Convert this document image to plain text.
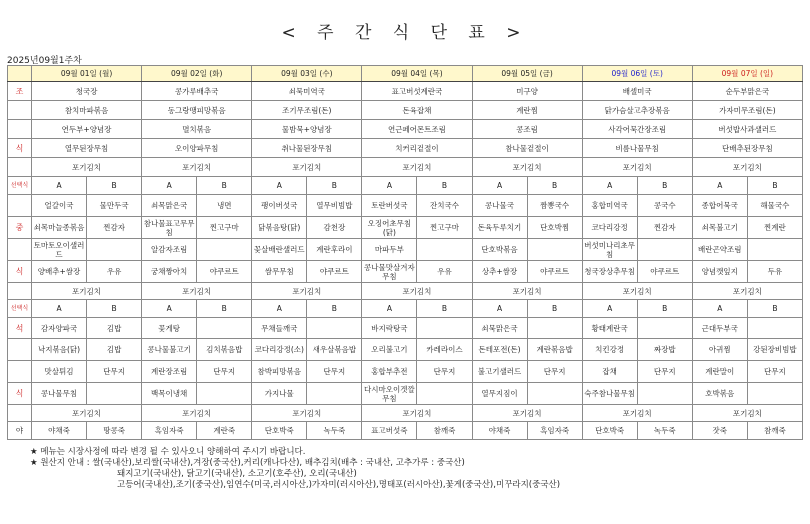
< 주 간 식 단 표 >
2025년09월1주차
	09월 01일 (월)		09월 02일 (화)		09월 03일 (수)		09월 04일 (목)		09월 05일 (금)		09월 06일 (토)		09월 07일 (일)	
조	청국장		콩가루배추국		쇠묵미역국		표고버섯계란국		미구양		배셀미국		순두부맑은국	
	참치마파볶음		동그랑땡피망볶음		조기무조림(돈)		돈육잡채		계란찜		닭가슴살고추장볶음		가자미무조림(돈)	
	연두부+양념장		멸치볶음		물밤묵+양념장		연근페어몬트조림		콩조림		사각어묵간장조림		버섯밥사과샐러드	
식	열무된장무침		오이양파무침		취나물된장무침		치커리겉절이		참나물겉절이		비름나물무침		단배추된장무침	
	포기김치		포기김치		포기김치		포기김치		포기김치		포기김치		포기김치	
선택식	A	B	A	B	A	B	A	B	A	B	A	B	A	B
	얼갈이국	물만두국	쇠목맑은국	냉면	팽이버섯국	열무비빔밥	토란버섯국	잔치국수	콩나물국	짬뽕국수	홍합미역국	콩국수	종합어묵국	해물국수
중	쇠목마늘종볶음	찐감자	참나물표고무무침	찐고구마	닭볶음탕(닭)	감천장	오징어초무침(닭)	찐고구마	돈육두루치기	단호박찜	코다리강정	찐감자	쇠목불고기	찐계란
	토마토오이샐러드		알감자조림		꽃살배란샐러드	계란후라이	마파두부		단호박볶음		버섯미나리초무침		배란곤약조림	
식	양배추+쌈장	우유	궁채짱아치	야쿠르트	쌈무무침	야쿠르트	콩나물맛살겨자무침	우유	상추+쌈장	야쿠르트	청국장상추무침	야쿠르트	양념깻잎지	두유
	포기김치		포기김치		포기김치		포기김치		포기김치		포기김치		포기김치	
선택식	A	B	A	B	A	B	A	B	A	B	A	B	A	B
석	감자양파국	김밥	꽃게탕		무채들깨국		바지락탕국		쇠묵맑은국		황태계란국		근대두부국	
	낙지볶음(닭)	김밥	콩나물불고기	김치볶음밥	코다리강정(소)	새우살볶음밥	오리불고기	카레라이스	돈테포전(돈)	계란볶음밥	치킨강정	짜장밥	아귀찜	강된장비빔밥
	맛살튀김	단무지	계란장조림	단무지	참박피망볶음	단무지	홍합부추전	단무지	불고기샐러드	단무지	잡채	단무지	계란말이	단무지
식	콩나물무침		백목이냉채		가지나물		다시마오이겟깔무침		열무지짐이		숙주참나물무침		호박볶음	
	포기김치		포기김치		포기김치		포기김치		포기김치		포기김치		포기김치	
야	야채죽	땅콩죽	흑임자죽	계란죽	단호박죽	녹두죽	표고버섯죽	참깨죽	야채죽	흑임자죽	단호박죽	녹두죽	잣죽	참깨죽
★ 메뉴는 시장사정에 따라 변경 될 수 있사오니 양해하여 주시기 바랍니다.
★ 원산지 안내 : 쌀(국내산),보리쌀(국내산),겨장(중국산),커리(캐나다산), 배추김치(배추 : 국내산, 고추가루 : 중국산)
돼지고기(국내산), 닭고기(국내산), 소고기(호주산), 오리(국내산)
고등어(국내산),조기(중국산),임연수(미국,러시아산,)가자미(러시아산),명태포(러시아산),꽃게(중국산),미꾸라지(중국산)
